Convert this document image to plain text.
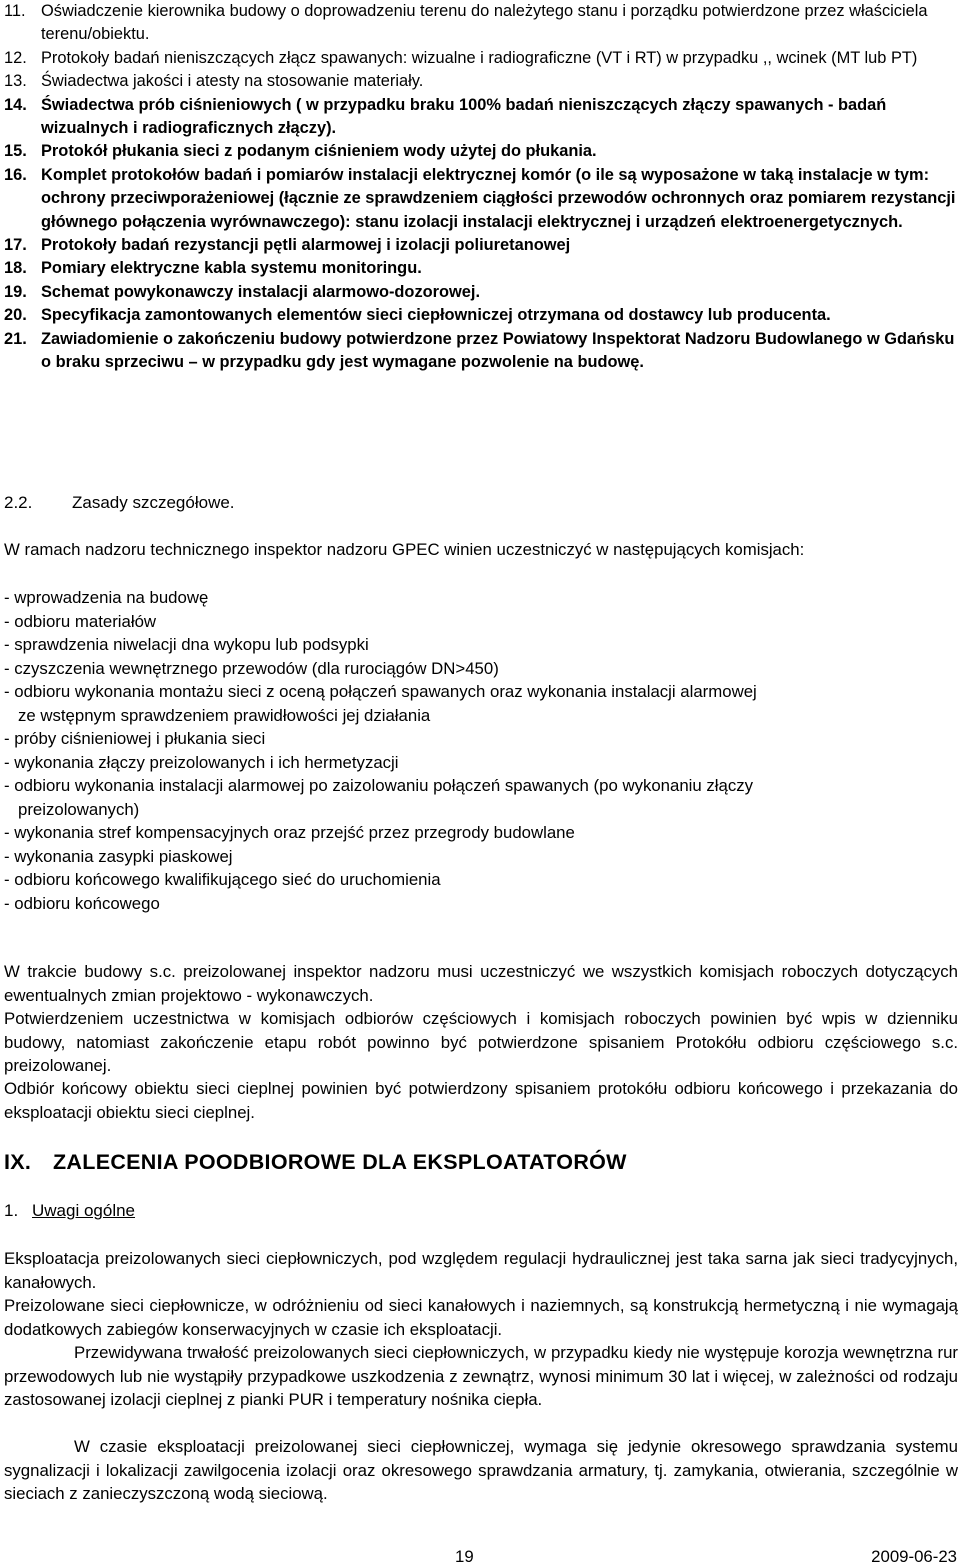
11. Oświadczenie kierownika budowy o doprowadzeniu terenu do należytego stanu i porządku potwierdzone przez właściciela terenu/obiektu.
12. Protokoły badań nieniszczących złącz spawanych: wizualne i radiograficzne (VT i RT) w przypadku ,, wcinek (MT lub PT)
13. Świadectwa jakości i atesty na stosowanie materiały.
14. Świadectwa prób ciśnieniowych ( w przypadku braku 100% badań nieniszczących złączy spawanych - badań wizualnych i radiograficznych złączy).
15. Protokół płukania sieci z podanym ciśnieniem wody użytej do płukania.
16. Komplet protokołów badań i pomiarów instalacji elektrycznej komór (o ile są wyposażone w taką instalacje w tym: ochrony przeciwporażeniowej (łącznie ze sprawdzeniem ciągłości przewodów ochronnych oraz pomiarem rezystancji głównego połączenia wyrównawczego): stanu izolacji instalacji elektrycznej i urządzeń elektroenergetycznych.
17. Protokoły badań rezystancji pętli alarmowej i izolacji poliuretanowej
18. Pomiary elektryczne kabla systemu monitoringu.
19. Schemat powykonawczy instalacji alarmowo-dozorowej.
20. Specyfikacja zamontowanych elementów sieci ciepłowniczej otrzymana od dostawcy lub producenta.
21. Zawiadomienie o zakończeniu budowy potwierdzone przez Powiatowy Inspektorat Nadzoru Budowlanego w Gdańsku o braku sprzeciwu – w przypadku gdy jest wymagane pozwolenie na budowę.
2.2. Zasady szczegółowe.

W ramach nadzoru technicznego inspektor nadzoru GPEC winien uczestniczyć w następujących komisjach:

- wprowadzenia na budowę
- odbioru materiałów
- sprawdzenia niwelacji dna wykopu lub podsypki
- czyszczenia wewnętrznego przewodów (dla rurociągów DN>450)
- odbioru wykonania montażu sieci z oceną połączeń spawanych oraz wykonania instalacji alarmowej
ze wstępnym sprawdzeniem prawidłowości jej działania
- próby ciśnieniowej i płukania sieci
- wykonania złączy preizolowanych i ich hermetyzacji
- odbioru wykonania instalacji alarmowej po zaizolowaniu połączeń spawanych (po wykonaniu złączy
preizolowanych)
- wykonania stref kompensacyjnych oraz przejść przez przegrody budowlane
- wykonania zasypki piaskowej
- odbioru końcowego kwalifikującego sieć do uruchomienia
- odbioru końcowego

W trakcie budowy s.c. preizolowanej inspektor nadzoru musi uczestniczyć we wszystkich komisjach roboczych dotyczących ewentualnych zmian projektowo - wykonawczych.

Potwierdzeniem uczestnictwa w komisjach odbiorów częściowych i komisjach roboczych powinien być wpis w dzienniku budowy, natomiast zakończenie etapu robót powinno być potwierdzone spisaniem Protokółu odbioru częściowego s.c. preizolowanej.

Odbiór końcowy obiektu sieci cieplnej powinien być potwierdzony spisaniem protokółu odbioru końcowego i przekazania do eksploatacji obiektu sieci cieplnej.

IX. ZALECENIA POODBIOROWE DLA EKSPLOATATORÓW
1. Uwagi ogólne

Eksploatacja preizolowanych sieci ciepłowniczych, pod względem regulacji hydraulicznej jest taka sarna jak sieci tradycyjnych, kanałowych.

Preizolowane sieci ciepłownicze, w odróżnieniu od sieci kanałowych i naziemnych, są konstrukcją hermetyczną i nie wymagają dodatkowych zabiegów konserwacyjnych w czasie ich eksploatacji.

Przewidywana trwałość preizolowanych sieci ciepłowniczych, w przypadku kiedy nie występuje korozja wewnętrzna rur przewodowych lub nie wystąpiły przypadkowe uszkodzenia z zewnątrz, wynosi minimum 30 lat i więcej, w zależności od rodzaju zastosowanej izolacji cieplnej z pianki PUR i temperatury nośnika ciepła.

W czasie eksploatacji preizolowanej sieci ciepłowniczej, wymaga się jedynie okresowego sprawdzania systemu sygnalizacji i lokalizacji zawilgocenia izolacji oraz okresowego sprawdzania armatury, tj. zamykania, otwierania, szczególnie w sieciach z zanieczyszczoną wodą sieciową.

19	2009-06-23
